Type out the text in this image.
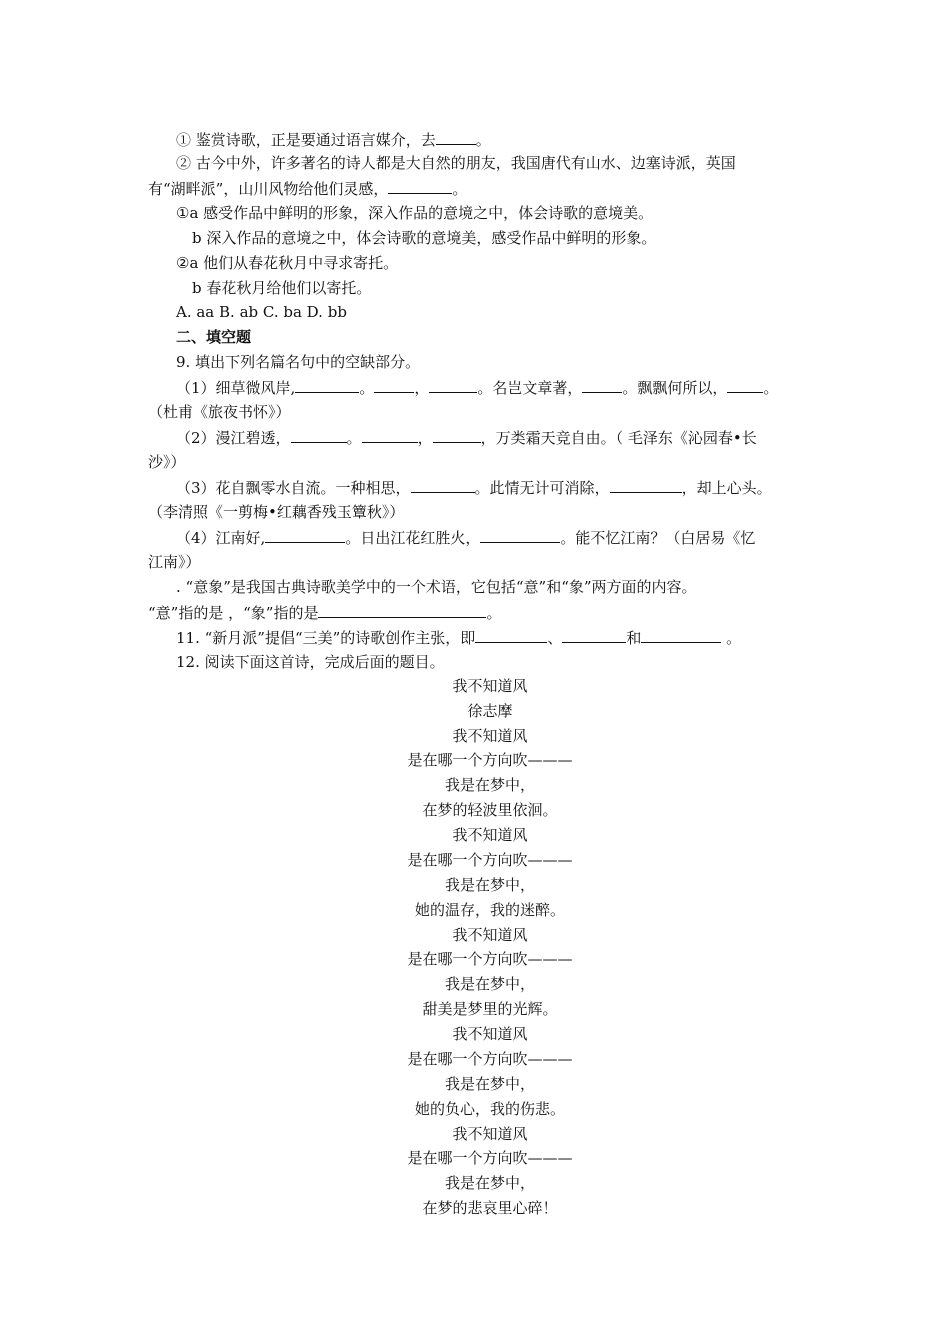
① 鉴赏诗歌，正是要通过语言媒介，去	。
② 古今中外，许多著名的诗人都是大自然的朋友，我国唐代有山水、边塞诗派，英国
有“湖畔派”，山川风物给他们灵感，	。
①a 感受作品中鲜明的形象，深入作品的意境之中，体会诗歌的意境美。
b 深入作品的意境之中，体会诗歌的意境美，感受作品中鲜明的形象。
②a 他们从春花秋月中寻求寄托。
b 春花秋月给他们以寄托。
A. aa B. ab C. ba D. bb
二、填空题
9. 填出下列名篇名句中的空缺部分。
（1）细草微风岸,	。	，	。名岂文章著，	。飘飘何所以， 。
（杜甫《旅夜书怀》）
（2）漫江碧透，	。	，	，万类霜天竞自由。（ 毛泽东《沁园春•长
沙》）
（3）花自飘零水自流。一种相思，	。此情无计可消除，	，却上心头。
（李清照《一剪梅•红藕香残玉簟秋》）
（4）江南好,	。日出江花红胜火，	。能不忆江南？（白居易《忆
江南》）
. “意象”是我国古典诗歌美学中的一个术语，它包括“意”和“象”两方面的内容。
“意”指的是 ，“象”指的是	。
11. “新月派”提倡“三美”的诗歌创作主张，即	、	和	。
12. 阅读下面这首诗，完成后面的题目。
我不知道风
徐志摩
我不知道风
是在哪一个方向吹———
我是在梦中，
在梦的轻波里依洄。
我不知道风
是在哪一个方向吹———
我是在梦中，
她的温存，我的迷醉。
我不知道风
是在哪一个方向吹———
我是在梦中，
甜美是梦里的光辉。
我不知道风
是在哪一个方向吹———
我是在梦中，
她的负心，我的伤悲。
我不知道风
是在哪一个方向吹———
我是在梦中，
在梦的悲哀里心碎！
